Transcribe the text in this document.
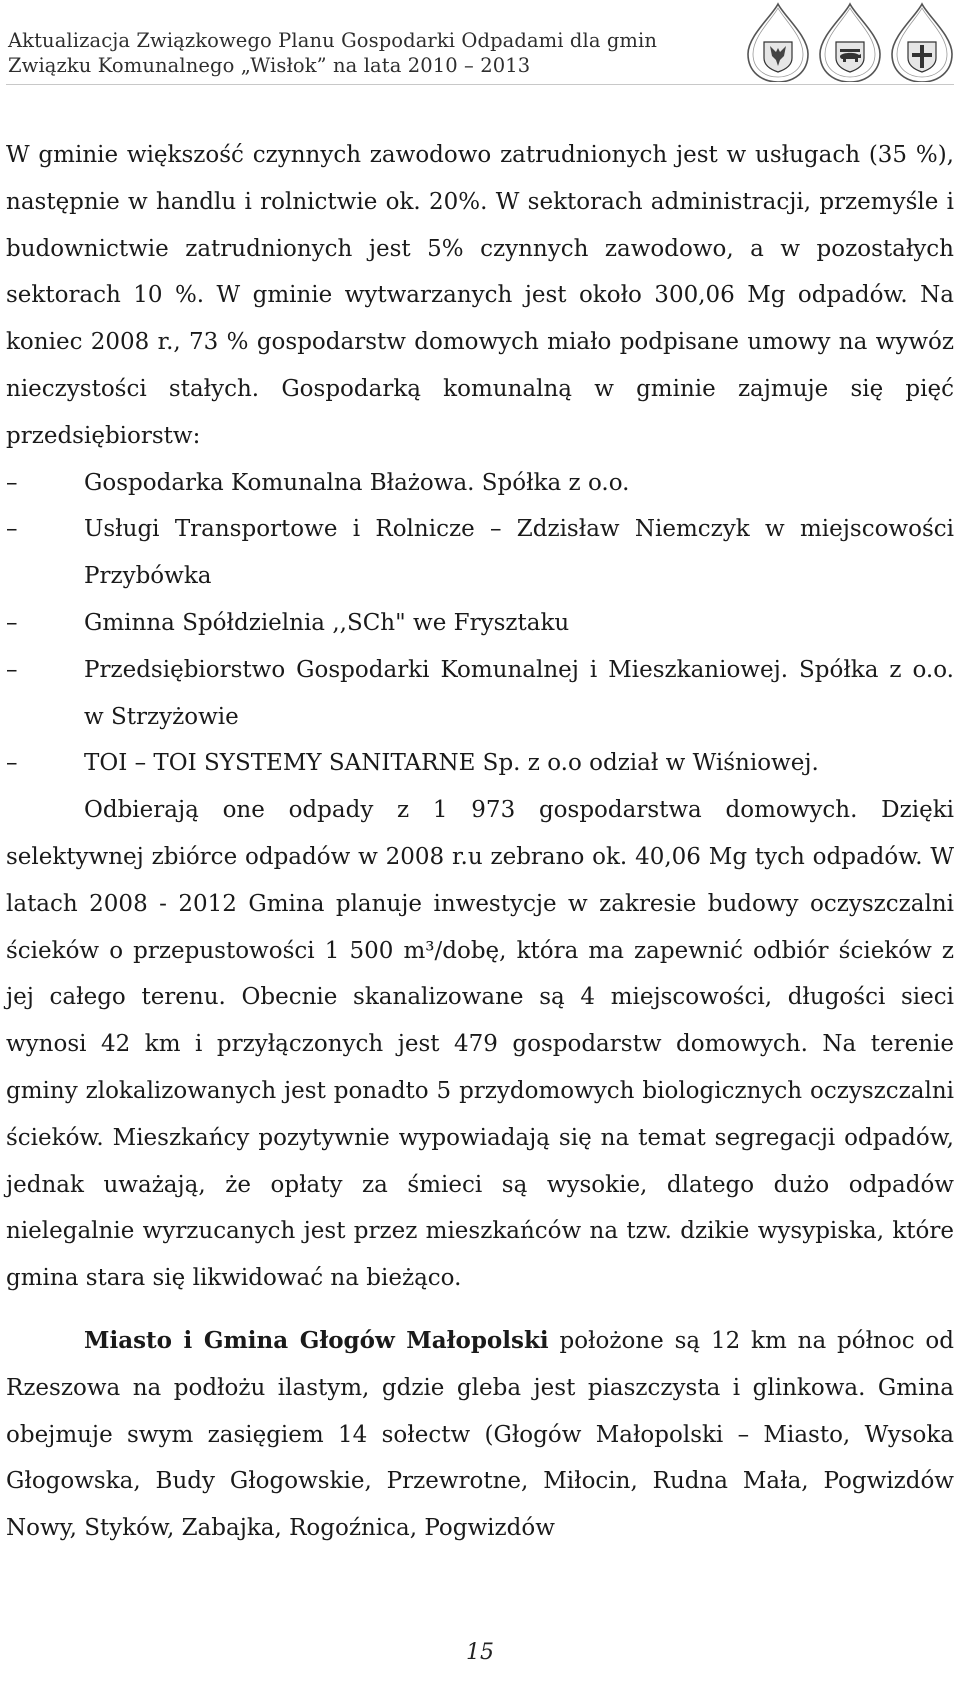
Aktualizacja Związkowego Planu Gospodarki Odpadami dla gmin
Związku Komunalnego „Wisłok” na lata 2010 – 2013

W gminie większość czynnych zawodowo zatrudnionych jest w usługach (35 %), następnie w handlu i rolnictwie ok. 20%. W sektorach administracji, przemyśle i budownictwie zatrudnionych jest 5% czynnych zawodowo, a w pozostałych sektorach 10 %. W gminie wytwarzanych jest około 300,06 Mg odpadów. Na koniec 2008 r., 73 % gospodarstw domowych miało podpisane umowy na wywóz nieczystości stałych. Gospodarką komunalną w gminie zajmuje się pięć przedsiębiorstw:

–	Gospodarka Komunalna Błażowa. Spółka z o.o.
–	Usługi Transportowe i Rolnicze – Zdzisław Niemczyk w miejscowości Przybówka
–	Gminna Spółdzielnia ,,SCh" we Frysztaku
–	Przedsiębiorstwo Gospodarki Komunalnej i Mieszkaniowej. Spółka z o.o. w Strzyżowie
–	TOI – TOI SYSTEMY SANITARNE Sp. z o.o odział w Wiśniowej.

Odbierają one odpady z 1 973 gospodarstwa domowych. Dzięki selektywnej zbiórce odpadów w 2008 r.u zebrano ok. 40,06 Mg tych odpadów. W latach 2008 - 2012 Gmina planuje inwestycje w zakresie budowy oczyszczalni ścieków o przepustowości 1 500 m³/dobę, która ma zapewnić odbiór ścieków z jej całego terenu. Obecnie skanalizowane są 4 miejscowości, długości sieci wynosi 42 km i przyłączonych jest 479 gospodarstw domowych. Na terenie gminy zlokalizowanych jest ponadto 5 przydomowych biologicznych oczyszczalni ścieków. Mieszkańcy pozytywnie wypowiadają się na temat segregacji odpadów, jednak uważają, że opłaty za śmieci są wysokie, dlatego dużo odpadów nielegalnie wyrzucanych jest przez mieszkańców na tzw. dzikie wysypiska, które gmina stara się likwidować na bieżąco.

Miasto i Gmina Głogów Małopolski położone są 12 km na północ od Rzeszowa na podłożu ilastym, gdzie gleba jest piaszczysta i glinkowa. Gmina obejmuje swym zasięgiem 14 sołectw (Głogów Małopolski – Miasto, Wysoka Głogowska, Budy Głogowskie, Przewrotne, Miłocin, Rudna Mała, Pogwizdów Nowy, Styków, Zabajka, Rogoźnica, Pogwizdów

15
